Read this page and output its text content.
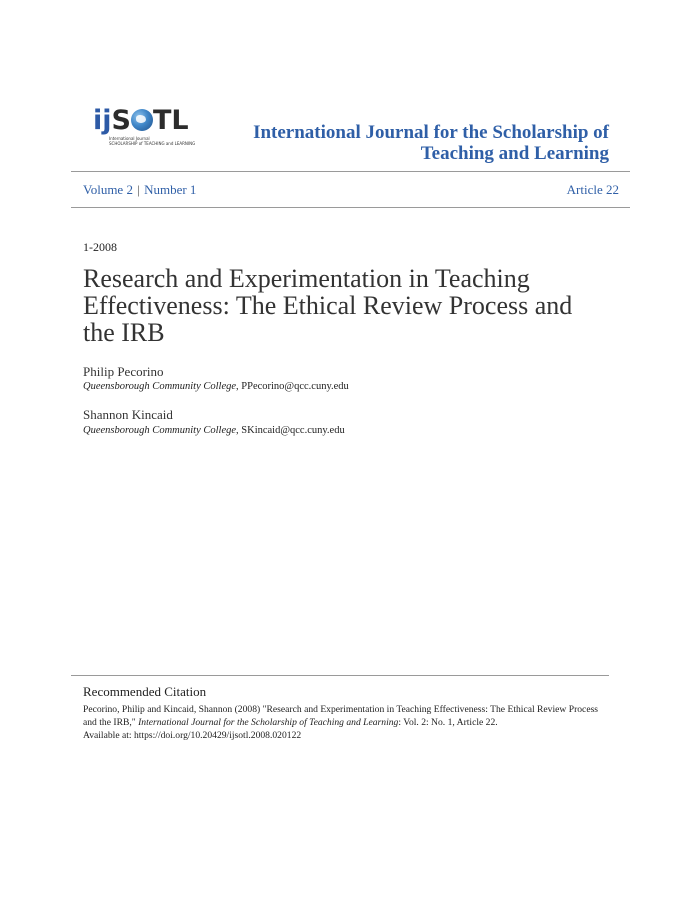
ijS TL
International Journal
SCHOLARSHIP of TEACHING and LEARNING
International Journal for the Scholarship of Teaching and Learning
Volume 2 | Number 1	Article 22
1-2008
Research and Experimentation in Teaching Effectiveness: The Ethical Review Process and the IRB
Philip Pecorino
Queensborough Community College, PPecorino@qcc.cuny.edu
Shannon Kincaid
Queensborough Community College, SKincaid@qcc.cuny.edu
Recommended Citation
Pecorino, Philip and Kincaid, Shannon (2008) "Research and Experimentation in Teaching Effectiveness: The Ethical Review Process and the IRB," International Journal for the Scholarship of Teaching and Learning: Vol. 2: No. 1, Article 22.
Available at: https://doi.org/10.20429/ijsotl.2008.020122
